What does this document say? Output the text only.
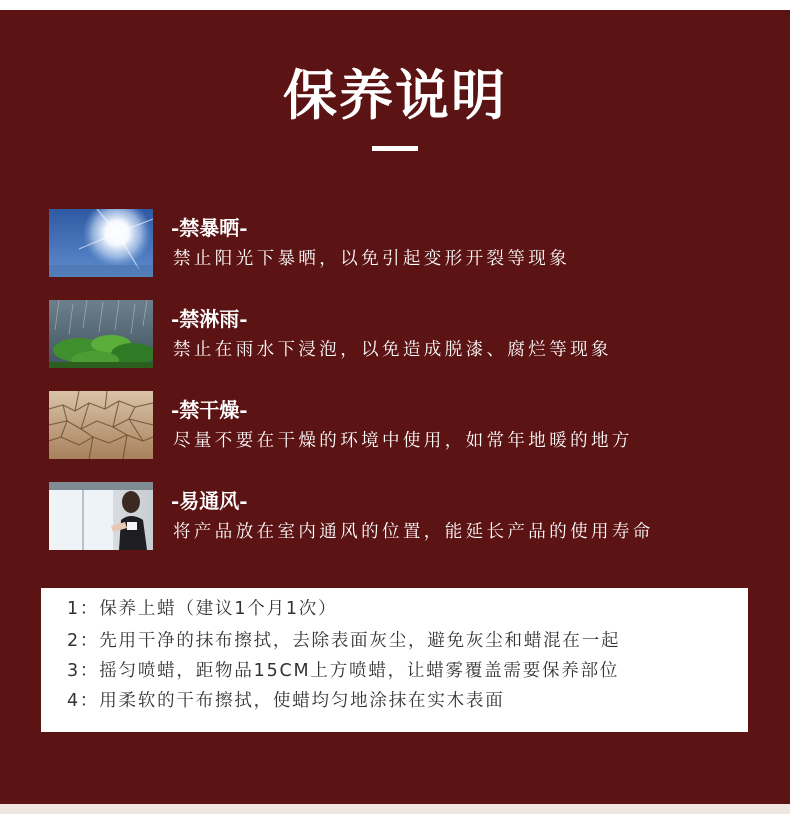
保养说明
-禁暴晒-
禁止阳光下暴晒，以免引起变形开裂等现象
-禁淋雨-
禁止在雨水下浸泡，以免造成脱漆、腐烂等现象
-禁干燥-
尽量不要在干燥的环境中使用，如常年地暖的地方
-易通风-
将产品放在室内通风的位置，能延长产品的使用寿命
1：保养上蜡（建议1个月1次）
2：先用干净的抹布擦拭，去除表面灰尘，避免灰尘和蜡混在一起
3：摇匀喷蜡，距物品15CM上方喷蜡，让蜡雾覆盖需要保养部位
4：用柔软的干布擦拭，使蜡均匀地涂抹在实木表面
